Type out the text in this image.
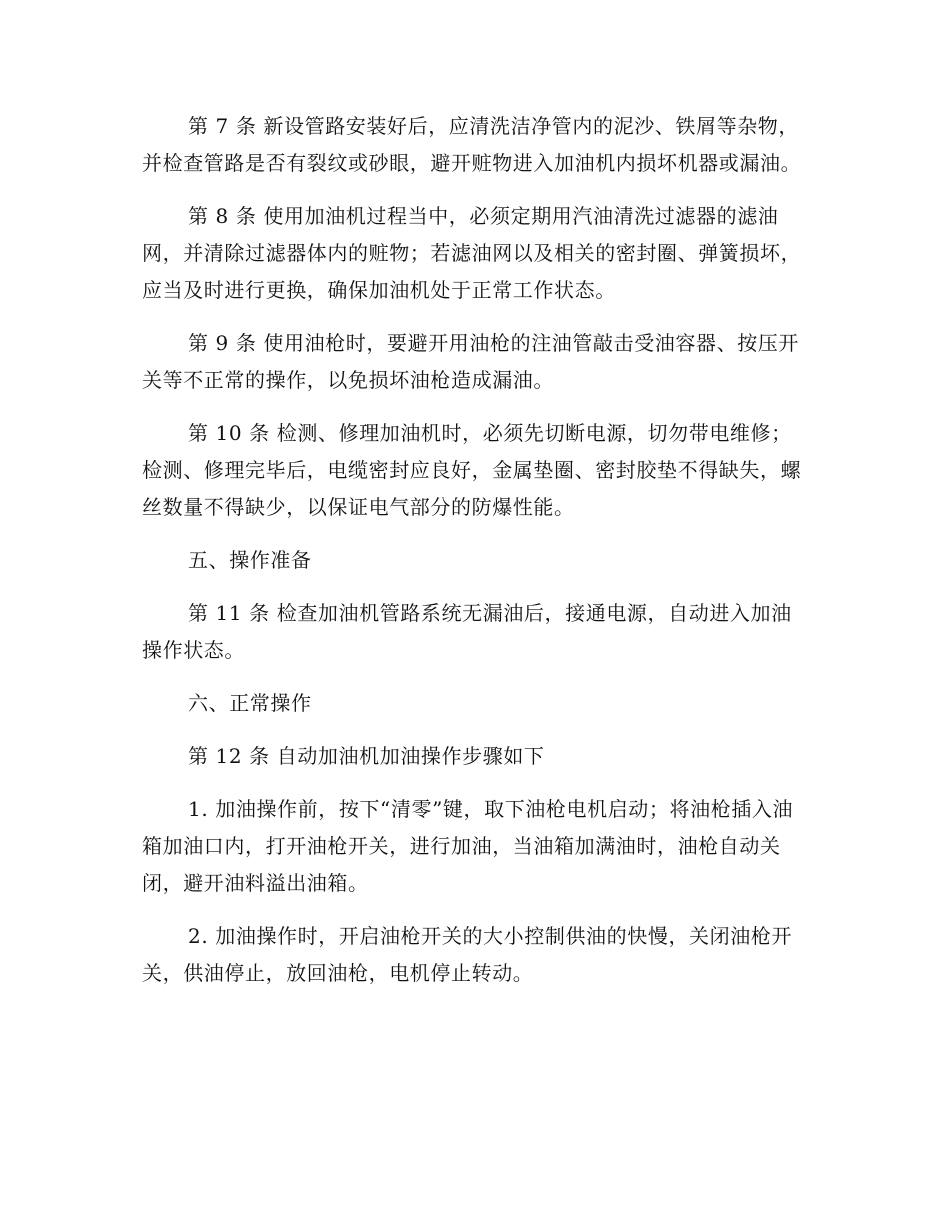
第 7 条 新设管路安装好后，应清洗洁净管内的泥沙、铁屑等杂物，并检查管路是否有裂纹或砂眼，避开赃物进入加油机内损坏机器或漏油。

第 8 条 使用加油机过程当中，必须定期用汽油清洗过滤器的滤油网，并清除过滤器体内的赃物；若滤油网以及相关的密封圈、弹簧损坏，应当及时进行更换，确保加油机处于正常工作状态。

第 9 条 使用油枪时，要避开用油枪的注油管敲击受油容器、按压开关等不正常的操作，以免损坏油枪造成漏油。

第 10 条 检测、修理加油机时，必须先切断电源，切勿带电维修；检测、修理完毕后，电缆密封应良好，金属垫圈、密封胶垫不得缺失，螺丝数量不得缺少，以保证电气部分的防爆性能。

五、操作准备

第 11 条 检查加油机管路系统无漏油后，接通电源，自动进入加油操作状态。

六、正常操作

第 12 条 自动加油机加油操作步骤如下

1. 加油操作前，按下“清零”键，取下油枪电机启动；将油枪插入油箱加油口内，打开油枪开关，进行加油，当油箱加满油时，油枪自动关闭，避开油料溢出油箱。

2. 加油操作时，开启油枪开关的大小控制供油的快慢，关闭油枪开关，供油停止，放回油枪，电机停止转动。
